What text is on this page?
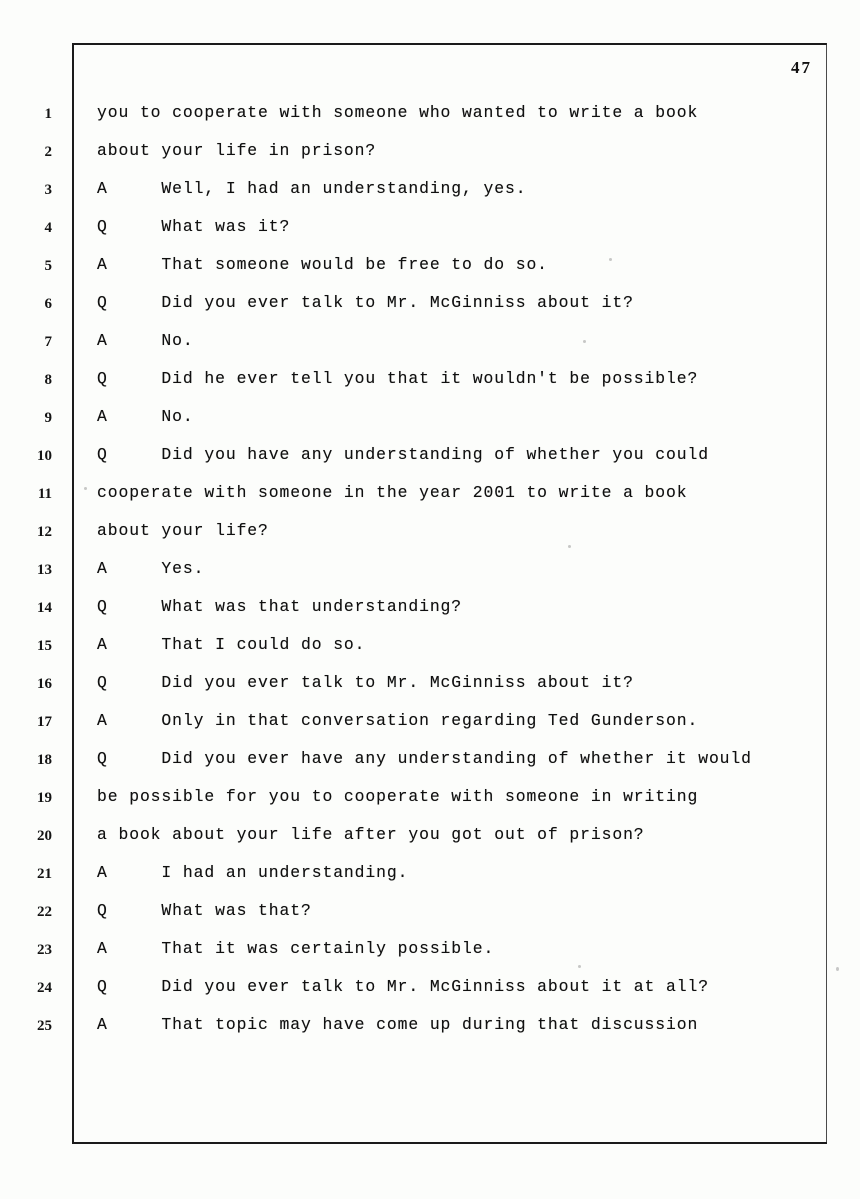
47
1	you to cooperate with someone who wanted to write a book
2	about your life in prison?
3	A     Well, I had an understanding, yes.
4	Q     What was it?
5	A     That someone would be free to do so.
6	Q     Did you ever talk to Mr. McGinniss about it?
7	A     No.
8	Q     Did he ever tell you that it wouldn't be possible?
9	A     No.
10	Q     Did you have any understanding of whether you could
11	cooperate with someone in the year 2001 to write a book
12	about your life?
13	A     Yes.
14	Q     What was that understanding?
15	A     That I could do so.
16	Q     Did you ever talk to Mr. McGinniss about it?
17	A     Only in that conversation regarding Ted Gunderson.
18	Q     Did you ever have any understanding of whether it would
19	be possible for you to cooperate with someone in writing
20	a book about your life after you got out of prison?
21	A     I had an understanding.
22	Q     What was that?
23	A     That it was certainly possible.
24	Q     Did you ever talk to Mr. McGinniss about it at all?
25	A     That topic may have come up during that discussion
